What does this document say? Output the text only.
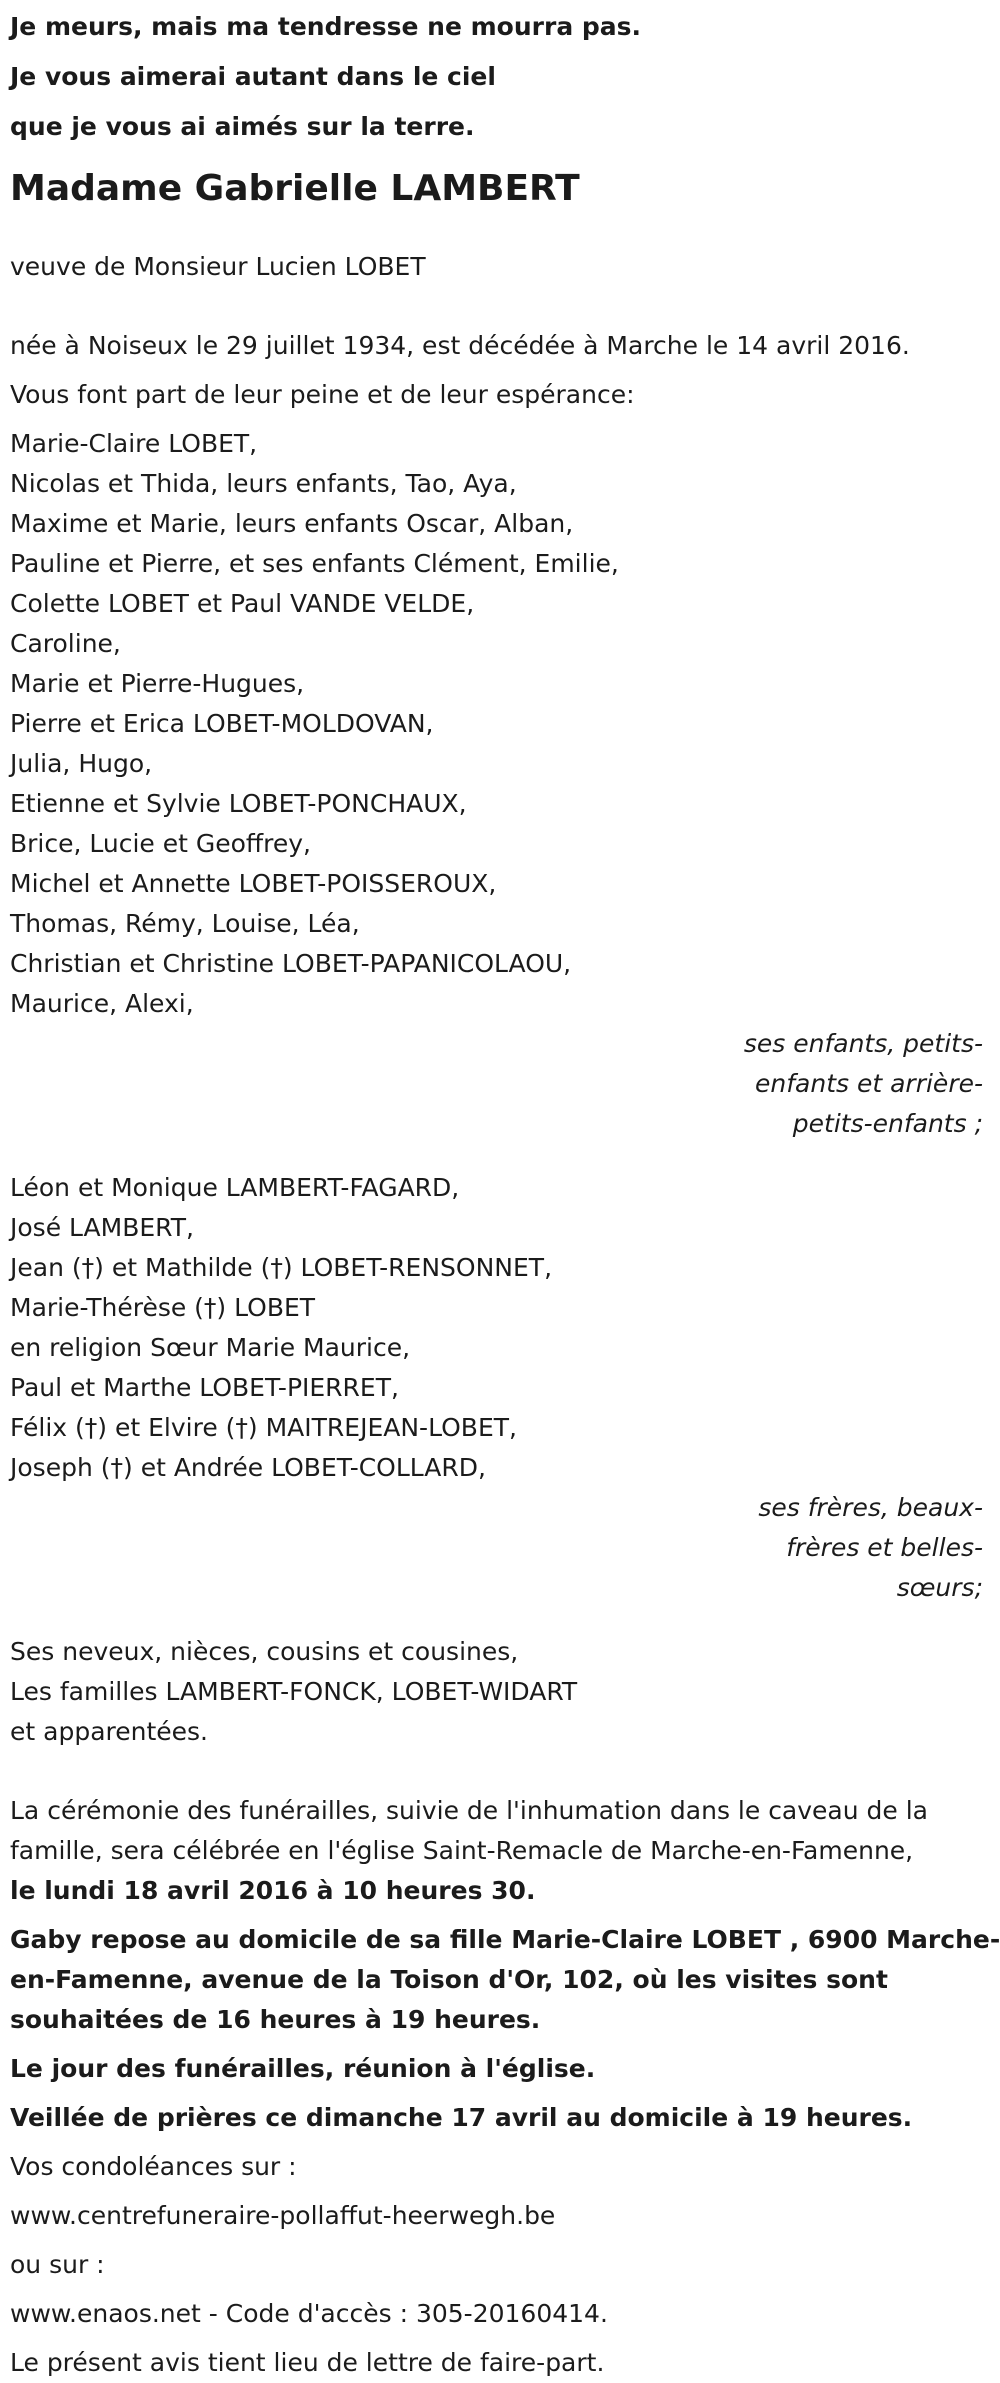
Je meurs, mais ma tendresse ne mourra pas.

Je vous aimerai autant dans le ciel

que je vous ai aimés sur la terre.

Madame Gabrielle LAMBERT

veuve de Monsieur Lucien LOBET

née à Noiseux le 29 juillet 1934, est décédée à Marche le 14 avril 2016.

Vous font part de leur peine et de leur espérance:

Marie-Claire LOBET,

Nicolas et Thida, leurs enfants, Tao, Aya,

Maxime et Marie, leurs enfants Oscar, Alban,

Pauline et Pierre, et ses enfants Clément, Emilie,

Colette LOBET et Paul VANDE VELDE,

Caroline,

Marie et Pierre-Hugues,

Pierre et Erica LOBET-MOLDOVAN,

Julia, Hugo,

Etienne et Sylvie LOBET-PONCHAUX,

Brice, Lucie et Geoffrey,

Michel et Annette LOBET-POISSEROUX,

Thomas, Rémy, Louise, Léa,

Christian et Christine LOBET-PAPANICOLAOU,

Maurice, Alexi,

ses enfants, petits-

enfants et arrière-

petits-enfants ;

Léon et Monique LAMBERT-FAGARD,

José LAMBERT,

Jean (†) et Mathilde (†) LOBET-RENSONNET,

Marie-Thérèse (†) LOBET

en religion Sœur Marie Maurice,

Paul et Marthe LOBET-PIERRET,

Félix (†) et Elvire (†) MAITREJEAN-LOBET,

Joseph (†) et Andrée LOBET-COLLARD,

ses frères, beaux-

frères et belles-

sœurs;

Ses neveux, nièces, cousins et cousines,

Les familles LAMBERT-FONCK, LOBET-WIDART

et apparentées.

La cérémonie des funérailles, suivie de l'inhumation dans le caveau de la

famille, sera célébrée en l'église Saint-Remacle de Marche-en-Famenne,

le lundi 18 avril 2016 à 10 heures 30.

Gaby repose au domicile de sa fille Marie-Claire LOBET , 6900 Marche-

en-Famenne, avenue de la Toison d'Or, 102, où les visites sont

souhaitées de 16 heures à 19 heures.

Le jour des funérailles, réunion à l'église.

Veillée de prières ce dimanche 17 avril au domicile à 19 heures.

Vos condoléances sur :

www.centrefuneraire-pollaffut-heerwegh.be

ou sur :

www.enaos.net - Code d'accès : 305-20160414.

Le présent avis tient lieu de lettre de faire-part.
